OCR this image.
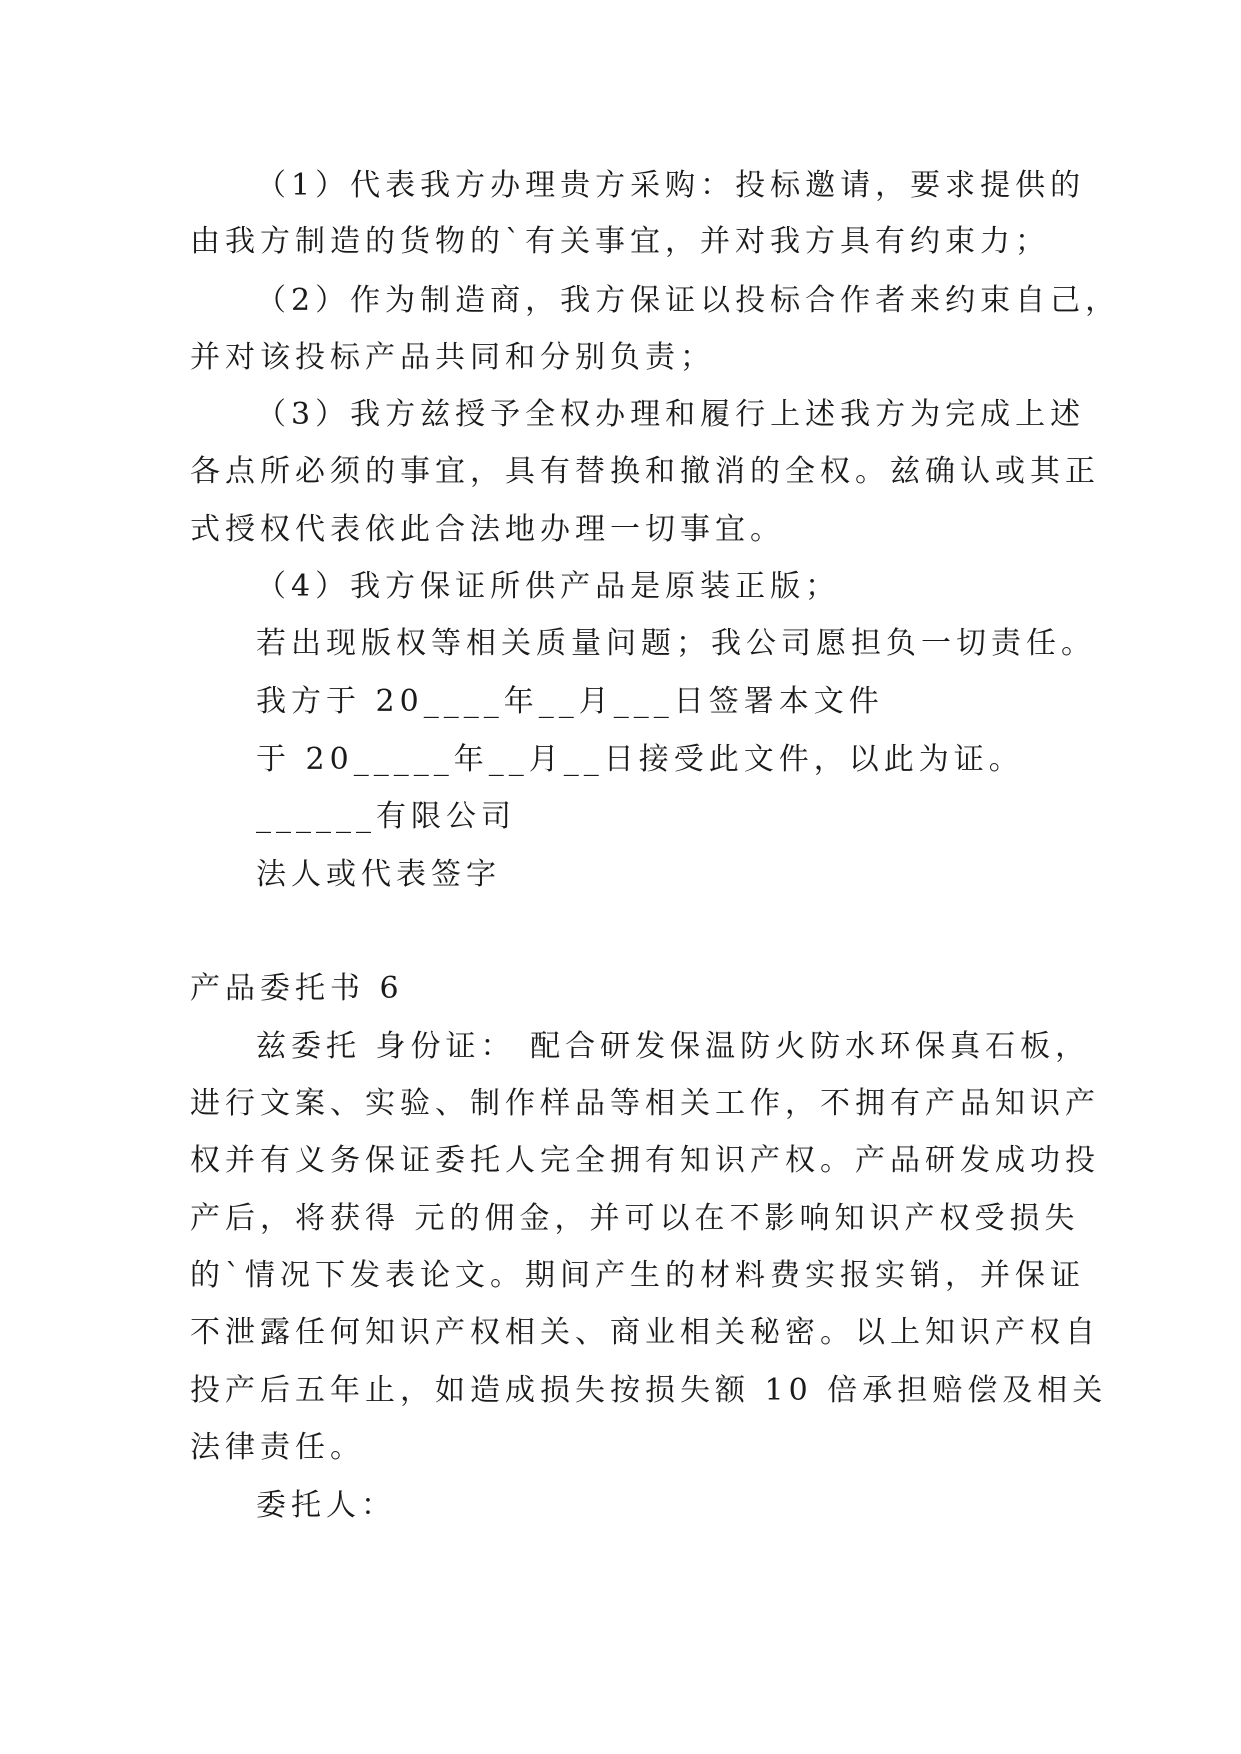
（1）代表我方办理贵方采购：投标邀请，要求提供的
由我方制造的货物的`有关事宜，并对我方具有约束力；
（2）作为制造商，我方保证以投标合作者来约束自己，
并对该投标产品共同和分别负责；
（3）我方兹授予全权办理和履行上述我方为完成上述
各点所必须的事宜，具有替换和撤消的全权。兹确认或其正
式授权代表依此合法地办理一切事宜。
（4）我方保证所供产品是原装正版；
若出现版权等相关质量问题；我公司愿担负一切责任。
我方于 20____年__月___日签署本文件
于 20_____年__月__日接受此文件，以此为证。
______有限公司
法人或代表签字
产品委托书 6
兹委托 身份证： 配合研发保温防火防水环保真石板，
进行文案、实验、制作样品等相关工作，不拥有产品知识产
权并有义务保证委托人完全拥有知识产权。产品研发成功投
产后，将获得 元的佣金，并可以在不影响知识产权受损失
的`情况下发表论文。期间产生的材料费实报实销，并保证
不泄露任何知识产权相关、商业相关秘密。以上知识产权自
投产后五年止，如造成损失按损失额 10 倍承担赔偿及相关
法律责任。
委托人：
